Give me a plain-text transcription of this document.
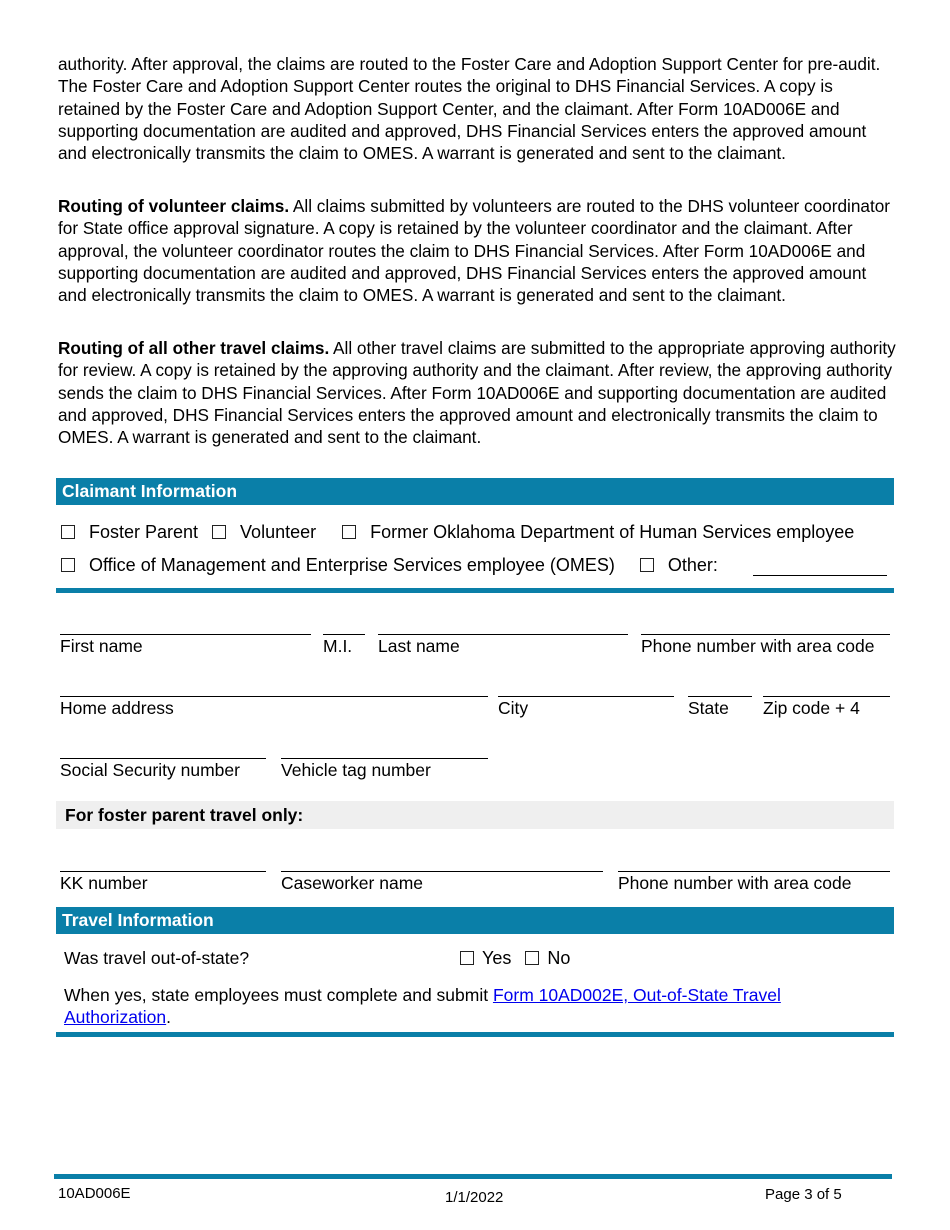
authority. After approval, the claims are routed to the Foster Care and Adoption Support Center for pre-audit. The Foster Care and Adoption Support Center routes the original to DHS Financial Services. A copy is retained by the Foster Care and Adoption Support Center, and the claimant. After Form 10AD006E and supporting documentation are audited and approved, DHS Financial Services enters the approved amount and electronically transmits the claim to OMES. A warrant is generated and sent to the claimant.

Routing of volunteer claims. All claims submitted by volunteers are routed to the DHS volunteer coordinator for State office approval signature. A copy is retained by the volunteer coordinator and the claimant. After approval, the volunteer coordinator routes the claim to DHS Financial Services. After Form 10AD006E and supporting documentation are audited and approved, DHS Financial Services enters the approved amount and electronically transmits the claim to OMES. A warrant is generated and sent to the claimant.

Routing of all other travel claims. All other travel claims are submitted to the appropriate approving authority for review. A copy is retained by the approving authority and the claimant. After review, the approving authority sends the claim to DHS Financial Services. After Form 10AD006E and supporting documentation are audited and approved, DHS Financial Services enters the approved amount and electronically transmits the claim to OMES. A warrant is generated and sent to the claimant.

Claimant Information
Foster Parent Volunteer	Former Oklahoma Department of Human Services employee
Office of Management and Enterprise Services employee (OMES)	Other:
First name	M.I. Last name	Phone number with area code
Home address	City	State Zip code + 4
Social Security number Vehicle tag number
For foster parent travel only:
KK number	Caseworker name	Phone number with area code
Travel Information
Was travel out-of-state?	Yes No
When yes, state employees must complete and submit Form 10AD002E, Out-of-State Travel Authorization.
10AD006E	1/1/2022	Page 3 of 5
